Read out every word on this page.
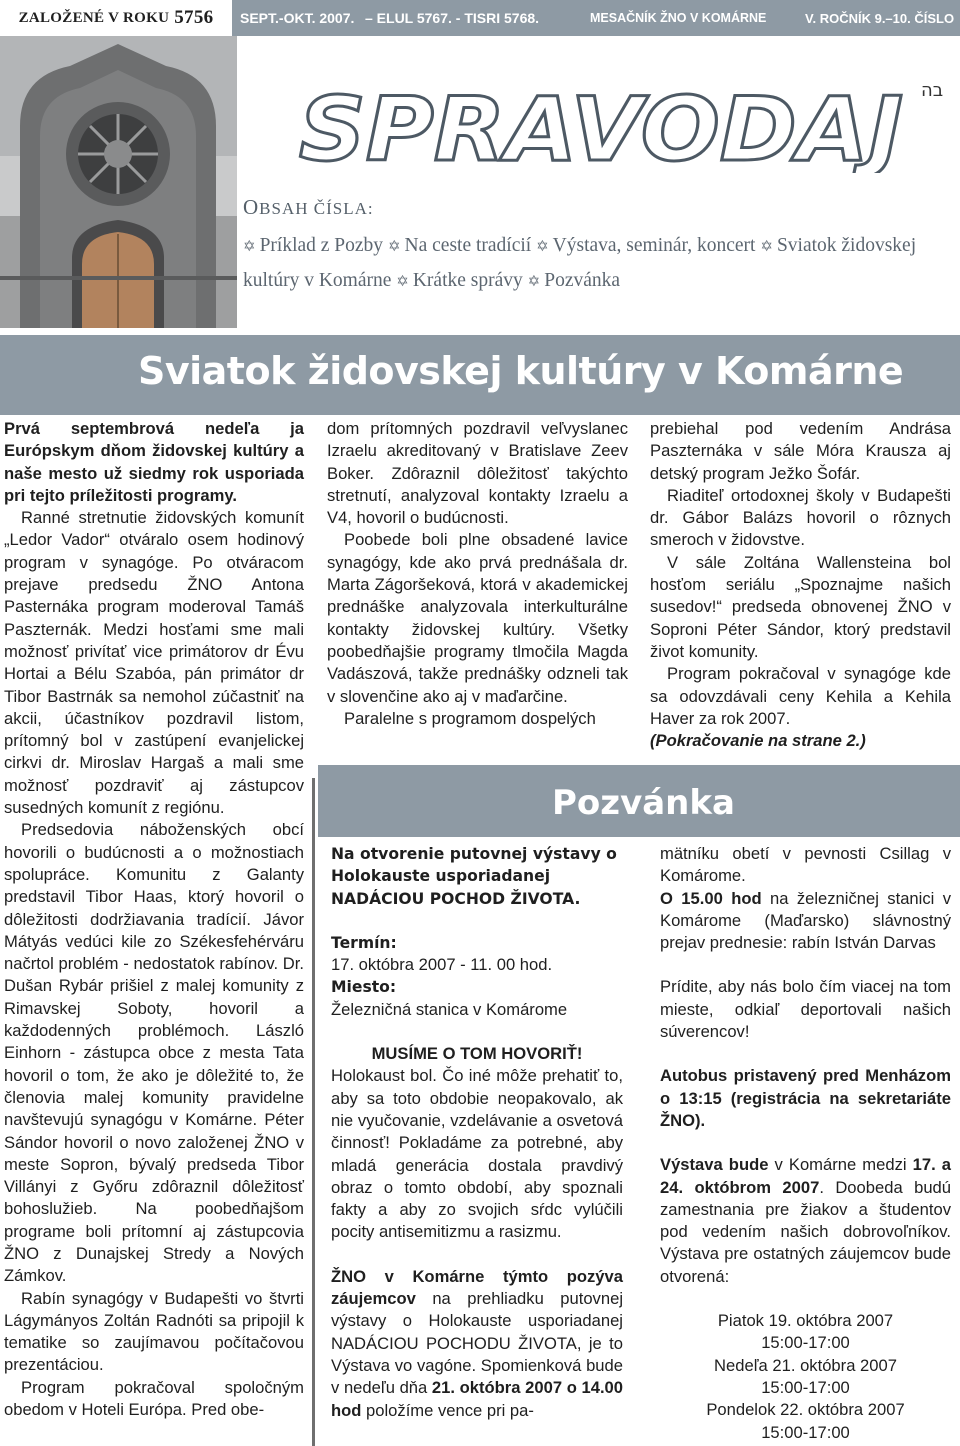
ZALOŽENÉ V ROKU 5756 SEPT.-OKT. 2007. – ELUL 5767. - TISRI 5768.	MESAČNÍK ŽNO V KOMÁRNE	V. ROČNÍK 9.–10. ČÍSLO
SPRAVODAJ בה
OBSAH ČÍSLA:
✡ Príklad z Pozby ✡ Na ceste tradícií ✡ Výstava, seminár, koncert ✡ Sviatok židovskej kultúry v Komárne ✡ Krátke správy ✡ Pozvánka
Sviatok židovskej kultúry v Komárne

Prvá septembrová nedeľa ja Európskym dňom židovskej kultúry a naše mesto už siedmy rok usporiada pri tejto príležitosti programy.

Ranné stretnutie židovských komunít „Ledor Vador“ otváralo osem hodinový program v synagóge. Po otváracom prejave predsedu ŽNO Antona Pasternáka program moderoval Tamáš Paszternák. Medzi hosťami sme mali možnosť privítať vice primátorov dr Évu Hortai a Bélu Szabóa, pán primátor dr Tibor Bastrnák sa nemohol zúčastniť na akcii, účastníkov pozdravil listom, prítomný bol v zastúpení evanjelickej cirkvi dr. Miroslav Hargaš a mali sme možnosť pozdraviť aj zástupcov susedných komunít z regiónu.

Predsedovia náboženských obcí hovorili o budúcnosti a o možnostiach spolupráce. Komunitu z Galanty predstavil Tibor Haas, ktorý hovoril o dôležitosti dodržiavania tradícií. Jávor Mátyás vedúci kile zo Székesfehérváru načrtol problém - nedostatok rabínov. Dr. Dušan Rybár prišiel z malej komunity z Rimavskej Soboty, hovoril a každodenných problémoch. László Einhorn - zástupca obce z mesta Tata hovoril o tom, že ako je dôležité to, že členovia malej komunity pravidelne navštevujú synagógu v Komárne. Péter Sándor hovoril o novo založenej ŽNO v meste Sopron, bývalý predseda Tibor Villányi z Győru zdôraznil dôležitosť bohoslužieb. Na poobedňajšom programe boli prítomní aj zástupcovia ŽNO z Dunajskej Stredy a Nových Zámkov.

Rabín synagógy v Budapešti vo štvrti Lágymányos Zoltán Radnóti sa pripojil k tematike so zaujímavou počítačovou prezentáciou.

Program pokračoval spoločným obedom v Hoteli Európa. Pred obe-

dom prítomných pozdravil veľvyslanec Izraelu akreditovaný v Bratislave Zeev Boker. Zdôraznil dôležitosť takýchto stretnutí, analyzoval kontakty Izraelu a V4, hovoril o budúcnosti.

Poobede boli plne obsadené lavice synagógy, kde ako prvá prednášala dr. Marta Zágoršeková, ktorá v akademickej prednáške analyzovala interkulturálne kontakty židovskej kultúry. Všetky poobedňajšie programy tlmočila Magda Vadászová, takže prednášky odzneli tak v slovenčine ako aj v maďarčine.

Paralelne s programom dospelých

prebiehal pod vedením Andrása Paszternáka v sále Móra Krausza aj detský program Ježko Šofár.

Riaditeľ ortodoxnej školy v Budapešti dr. Gábor Balázs hovoril o rôznych smeroch v židovstve.

V sále Zoltána Wallensteina bol hosťom seriálu „Spoznajme našich susedov!“ predseda obnovenej ŽNO v Soproni Péter Sándor, ktorý predstavil život komunity.

Program pokračoval v synagóge kde sa odovzdávali ceny Kehila a Kehila Haver za rok 2007.

(Pokračovanie na strane 2.)

Pozvánka

Na otvorenie putovnej výstavy o Holokauste usporiadanej NADÁCIOU POCHOD ŽIVOTA.

Termín:

17. októbra 2007 - 11. 00 hod.

Miesto:

Železničná stanica v Komárome

MUSÍME O TOM HOVORIŤ!

Holokaust bol. Čo iné môže prehatiť to, aby sa toto obdobie neopakovalo, ak nie vyučovanie, vzdelávanie a osvetová činnosť! Pokladáme za potrebné, aby mladá generácia dostala pravdivý obraz o tomto období, aby spoznali fakty a aby zo svojich sŕdc vylúčili pocity antisemitizmu a rasizmu.

ŽNO v Komárne týmto pozýva záujemcov na prehliadku putovnej výstavy o Holokauste usporiadanej NADÁCIOU POCHODU ŽIVOTA, je to Výstava vo vagóne. Spomienková bude v nedeľu dňa 21. októbra 2007 o 14.00 hod položíme vence pri pa-

mätníku obetí v pevnosti Csillag v Komárome.

O 15.00 hod na železničnej stanici v Komárome (Maďarsko) slávnostný prejav prednesie: rabín István Darvas

Prídite, aby nás bolo čím viacej na tom mieste, odkiaľ deportovali našich súverencov!

Autobus pristavený pred Menházom o 13:15 (registrácia na sekretariáte ŽNO).

Výstava bude v Komárne medzi 17. a 24. októbrom 2007. Doobeda budú zamestnania pre žiakov a študentov pod vedením našich dobrovoľníkov. Výstava pre ostatných záujemcov bude otvorená:

Piatok 19. októbra 2007

15:00-17:00

Nedeľa 21. októbra 2007

15:00-17:00

Pondelok 22. októbra 2007

15:00-17:00
